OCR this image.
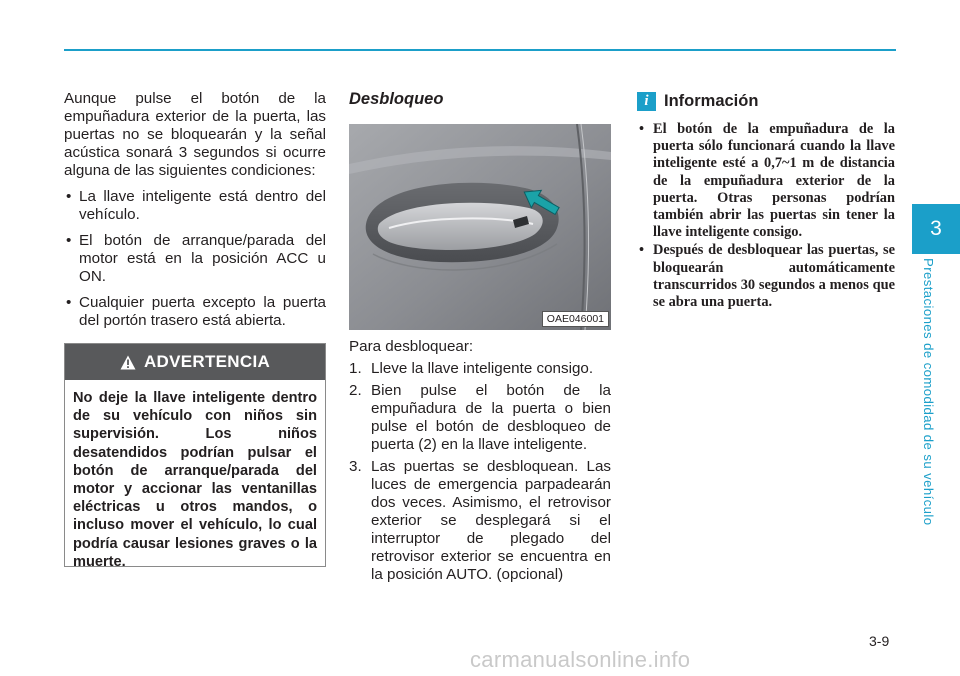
Aunque pulse el botón de la empuñadura exterior de la puerta, las puertas no se bloquearán y la señal acústica sonará 3 segundos si ocurre alguna de las siguientes condiciones:

• La llave inteligente está dentro del vehículo.
• El botón de arranque/parada del motor está en la posición ACC u ON.
• Cualquier puerta excepto la puerta del portón trasero está abierta.
ADVERTENCIA

No deje la llave inteligente dentro de su vehículo con niños sin supervisión. Los niños desatendidos podrían pulsar el botón de arranque/parada del motor y accionar las ventanillas eléctricas u otros mandos, o incluso mover el vehículo, lo cual podría causar lesiones graves o la muerte.

Desbloqueo
OAE046001

Para desbloquear:

1. Lleve la llave inteligente consigo.
2. Bien pulse el botón de la empuñadura de la puerta o bien pulse el botón de desbloqueo de puerta (2) en la llave inteligente.
3. Las puertas se desbloquean. Las luces de emergencia parpadearán dos veces. Asimismo, el retrovisor exterior se desplegará si el interruptor de plegado del retrovisor exterior se encuentra en la posición AUTO. (opcional)
i Información
• El botón de la empuñadura de la puerta sólo funcionará cuando la llave inteligente esté a 0,7~1 m de distancia de la empuñadura exterior de la puerta. Otras personas podrían también abrir las puertas sin tener la llave inteligente consigo.
• Después de desbloquear las puertas, se bloquearán automáticamente transcurridos 30 segundos a menos que se abra una puerta.
3
Prestaciones de comodidad de su vehículo
3-9
carmanualsonline.info
